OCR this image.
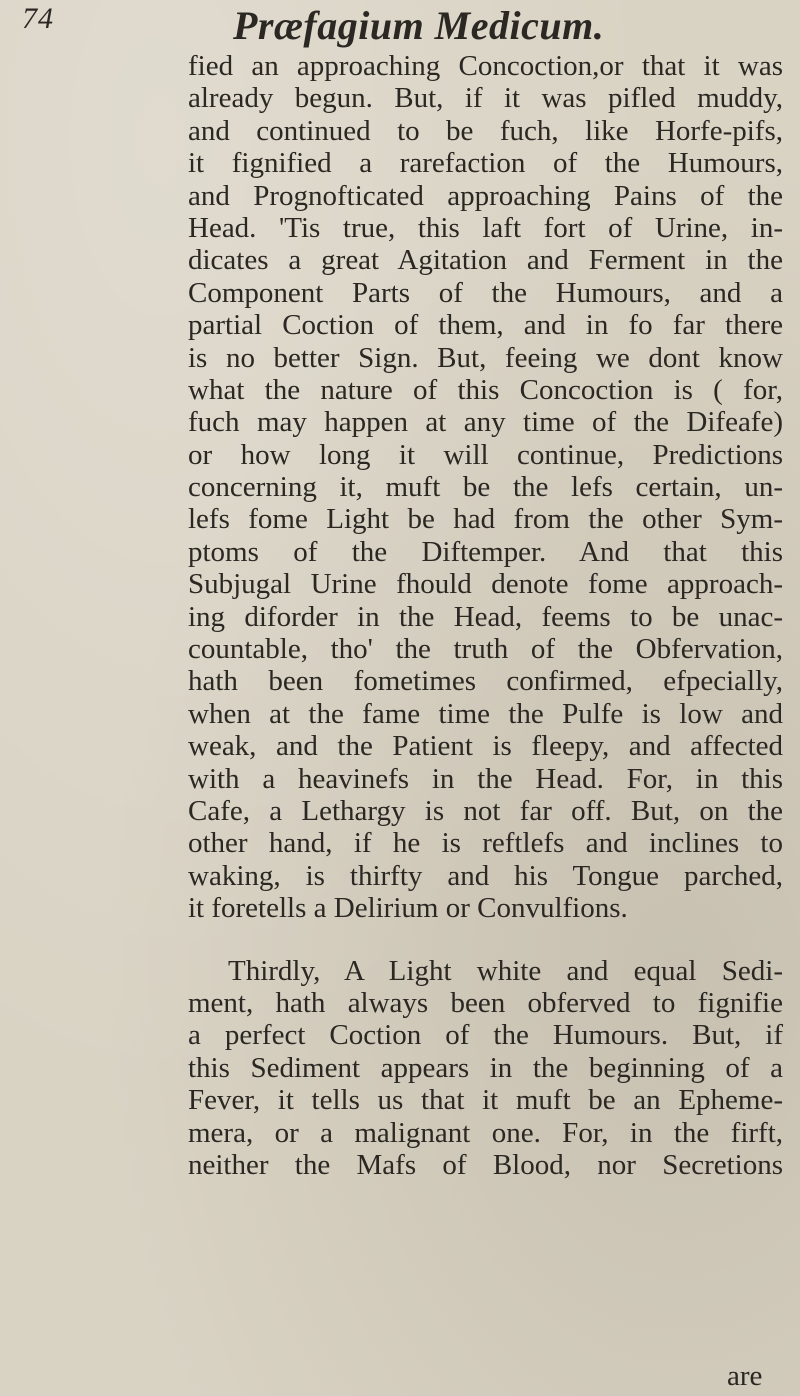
74	Præfagium Medicum.
fied an approaching Concoction,or that it was
already begun. But, if it was pifled muddy,
and continued to be fuch, like Horfe-pifs,
it fignified a rarefaction of the Humours,
and Prognofticated approaching Pains of the
Head. 'Tis true, this laft fort of Urine, in-
dicates a great Agitation and Ferment in the
Component Parts of the Humours, and a
partial Coction of them, and in fo far there
is no better Sign. But, feeing we dont know
what the nature of this Concoction is ( for,
fuch may happen at any time of the Difeafe)
or how long it will continue, Predictions
concerning it, muft be the lefs certain, un-
lefs fome Light be had from the other Sym-
ptoms of the Diftemper. And that this
Subjugal Urine fhould denote fome approach-
ing diforder in the Head, feems to be unac-
countable, tho' the truth of the Obfervation,
hath been fometimes confirmed, efpecially,
when at the fame time the Pulfe is low and
weak, and the Patient is fleepy, and affected
with a heavinefs in the Head. For, in this
Cafe, a Lethargy is not far off. But, on the
other hand, if he is reftlefs and inclines to
waking, is thirfty and his Tongue parched,
it foretells a Delirium or Convulfions.
Thirdly, A Light white and equal Sedi-
ment, hath always been obferved to fignifie
a perfect Coction of the Humours. But, if
this Sediment appears in the beginning of a
Fever, it tells us that it muft be an Epheme-
mera, or a malignant one. For, in the firft,
neither the Mafs of Blood, nor Secretions
are
